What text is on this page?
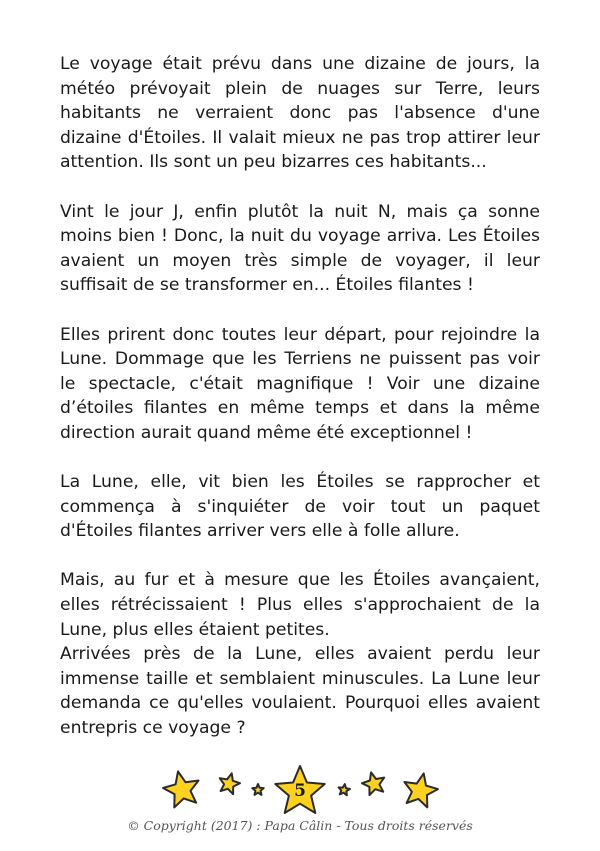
Le voyage était prévu dans une dizaine de jours, la météo prévoyait plein de nuages sur Terre, leurs habitants ne verraient donc pas l'absence d'une dizaine d'Étoiles. Il valait mieux ne pas trop attirer leur attention. Ils sont un peu bizarres ces habitants...

Vint le jour J, enfin plutôt la nuit N, mais ça sonne moins bien ! Donc, la nuit du voyage arriva. Les Étoiles avaient un moyen très simple de voyager, il leur suffisait de se transformer en... Étoiles filantes !

Elles prirent donc toutes leur départ, pour rejoindre la Lune. Dommage que les Terriens ne puissent pas voir le spectacle, c'était magnifique ! Voir une dizaine d’étoiles filantes en même temps et dans la même direction aurait quand même été exceptionnel !

La Lune, elle, vit bien les Étoiles se rapprocher et commença à s'inquiéter de voir tout un paquet d'Étoiles filantes arriver vers elle à folle allure.

Mais, au fur et à mesure que les Étoiles avançaient, elles rétrécissaient ! Plus elles s'approchaient de la Lune, plus elles étaient petites.

Arrivées près de la Lune, elles avaient perdu leur immense taille et semblaient minuscules. La Lune leur demanda ce qu'elles voulaient. Pourquoi elles avaient entrepris ce voyage ?

5
© Copyright (2017) : Papa Câlin - Tous droits réservés
